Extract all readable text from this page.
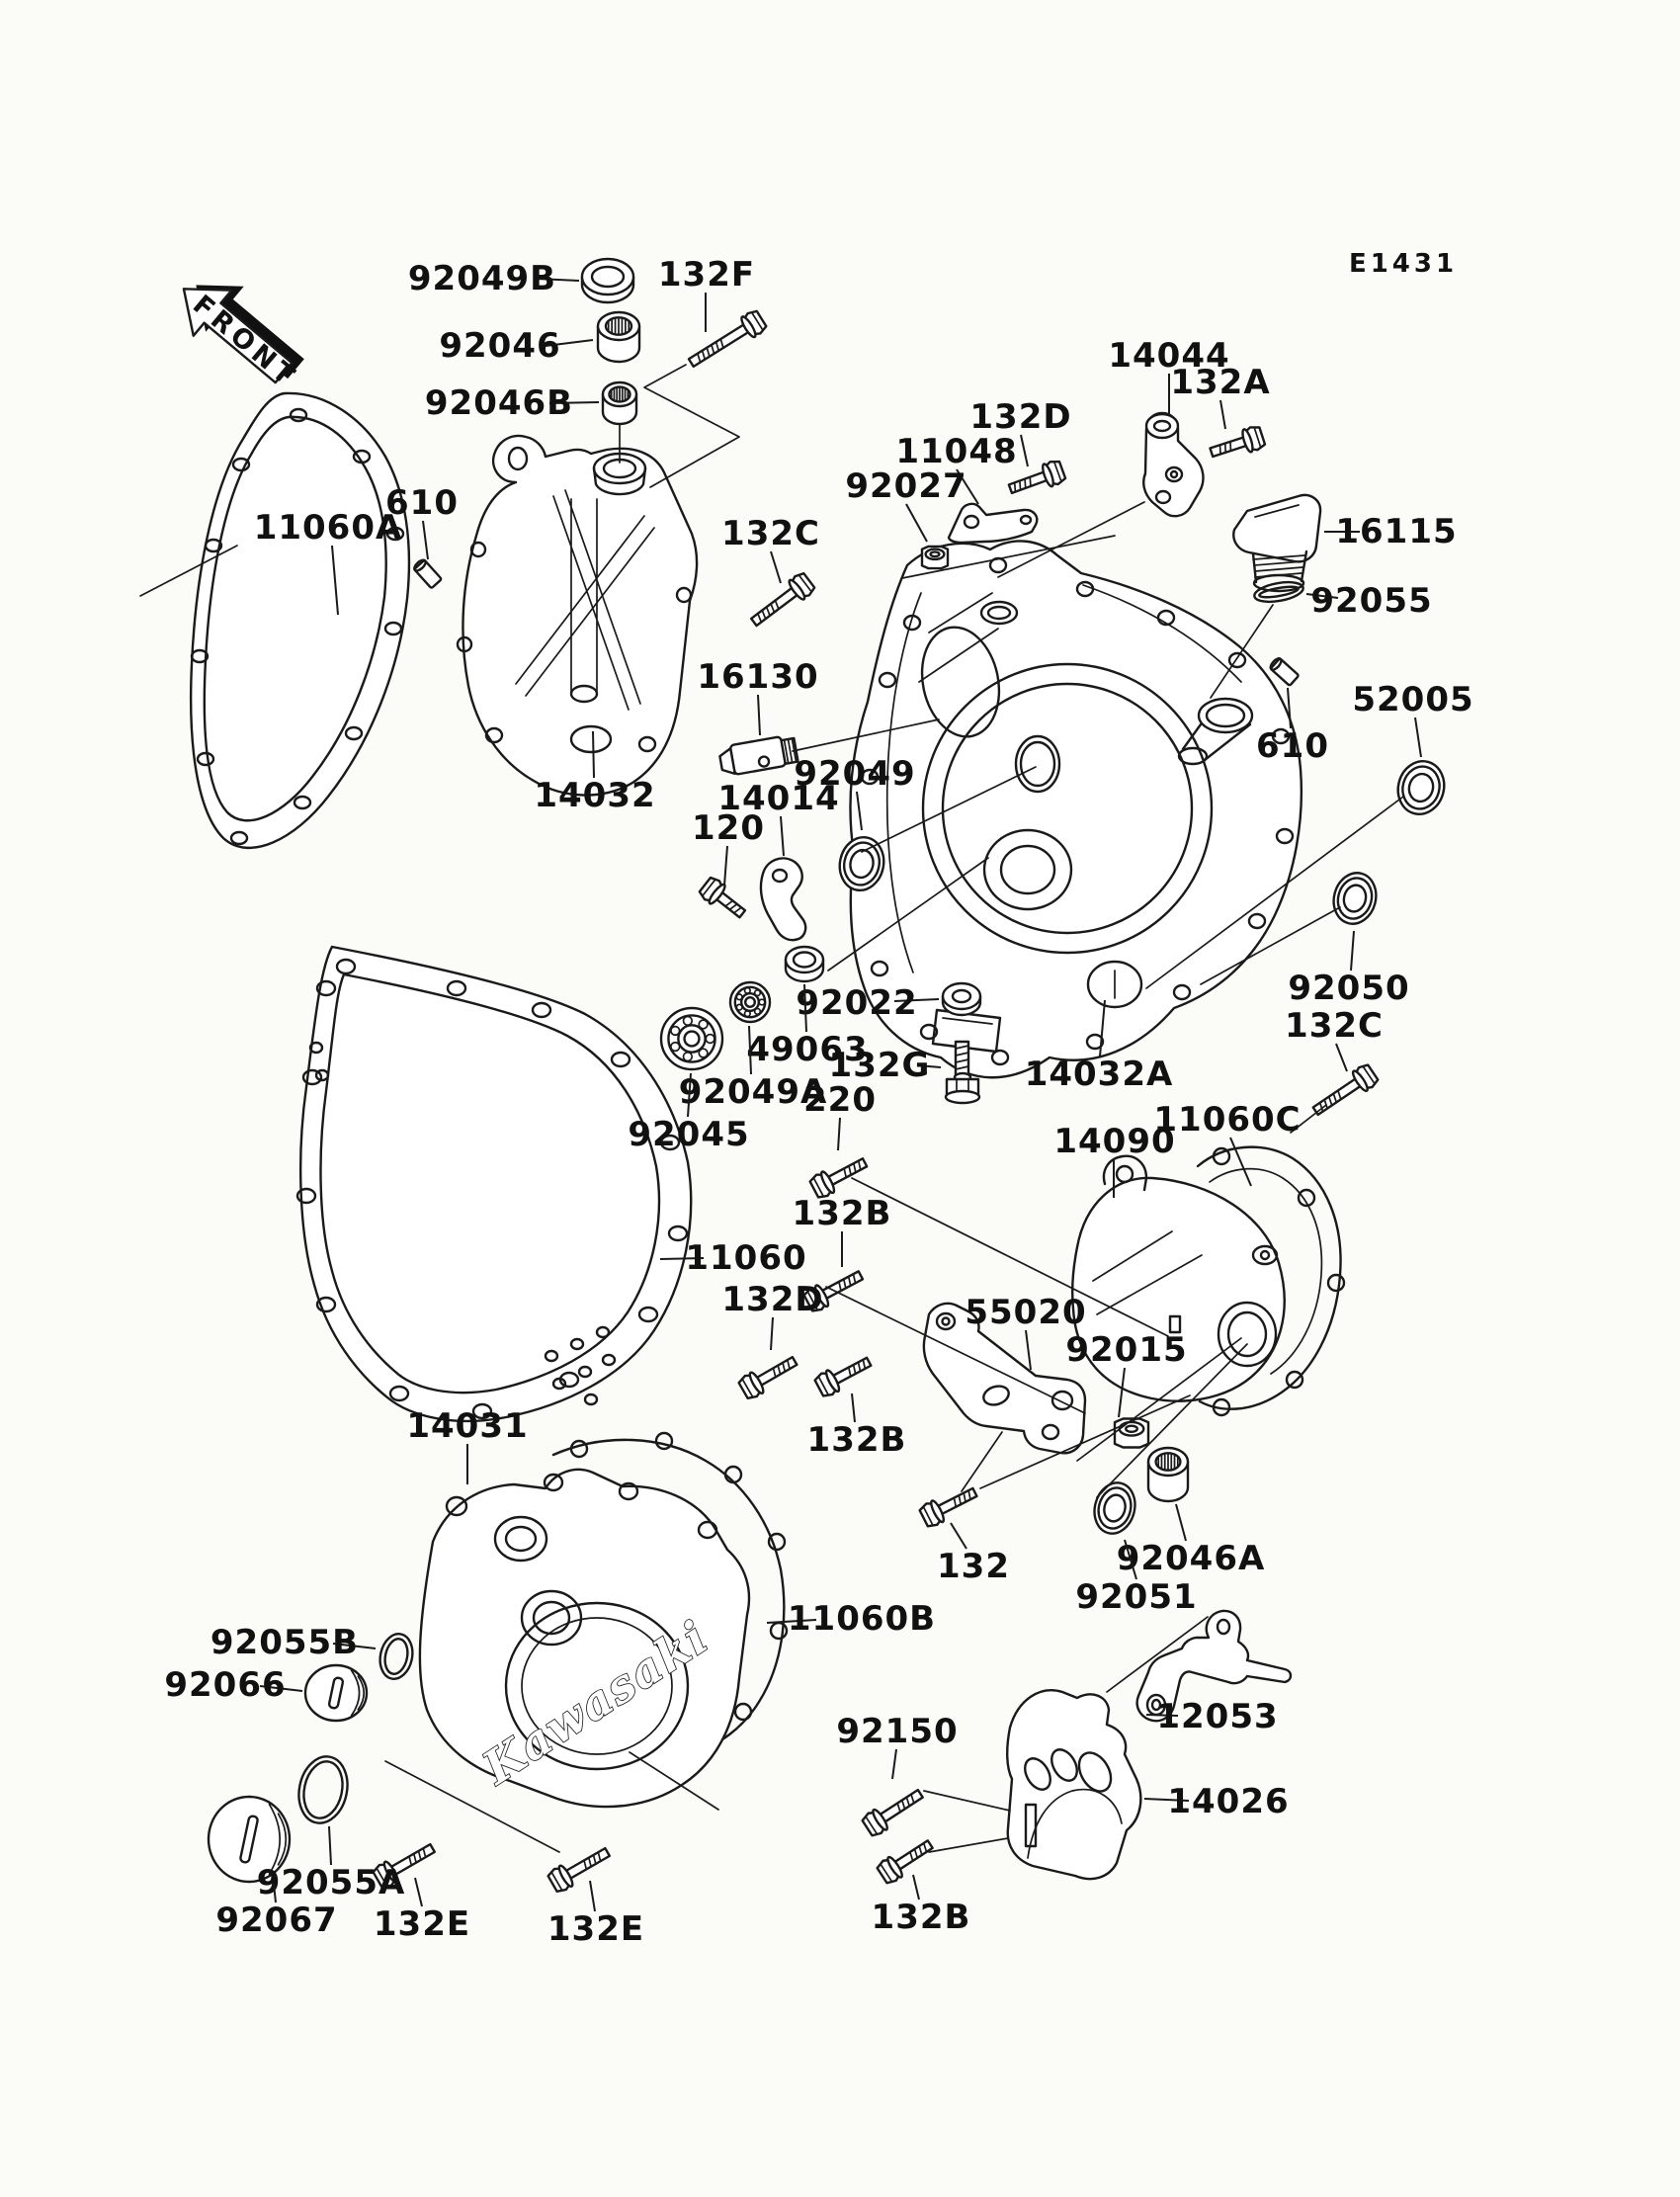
FRONT
Kawasaki
E1431
92049B	132F
92046
92046B
14044
132A
132D
11048
16115
92027
610
11060A	132C
92055
52005
610
16130
92049
14014
120
14032
92022
49063
132G
92049A
220
92045
14032A
92050
132C
11060C
14090
11060
132B
132D
132B
55020
92015
132	92046A
92051
14031
92055B
92066
11060B
92055A
92067 132E 132E
92150	12053
14026
132B
